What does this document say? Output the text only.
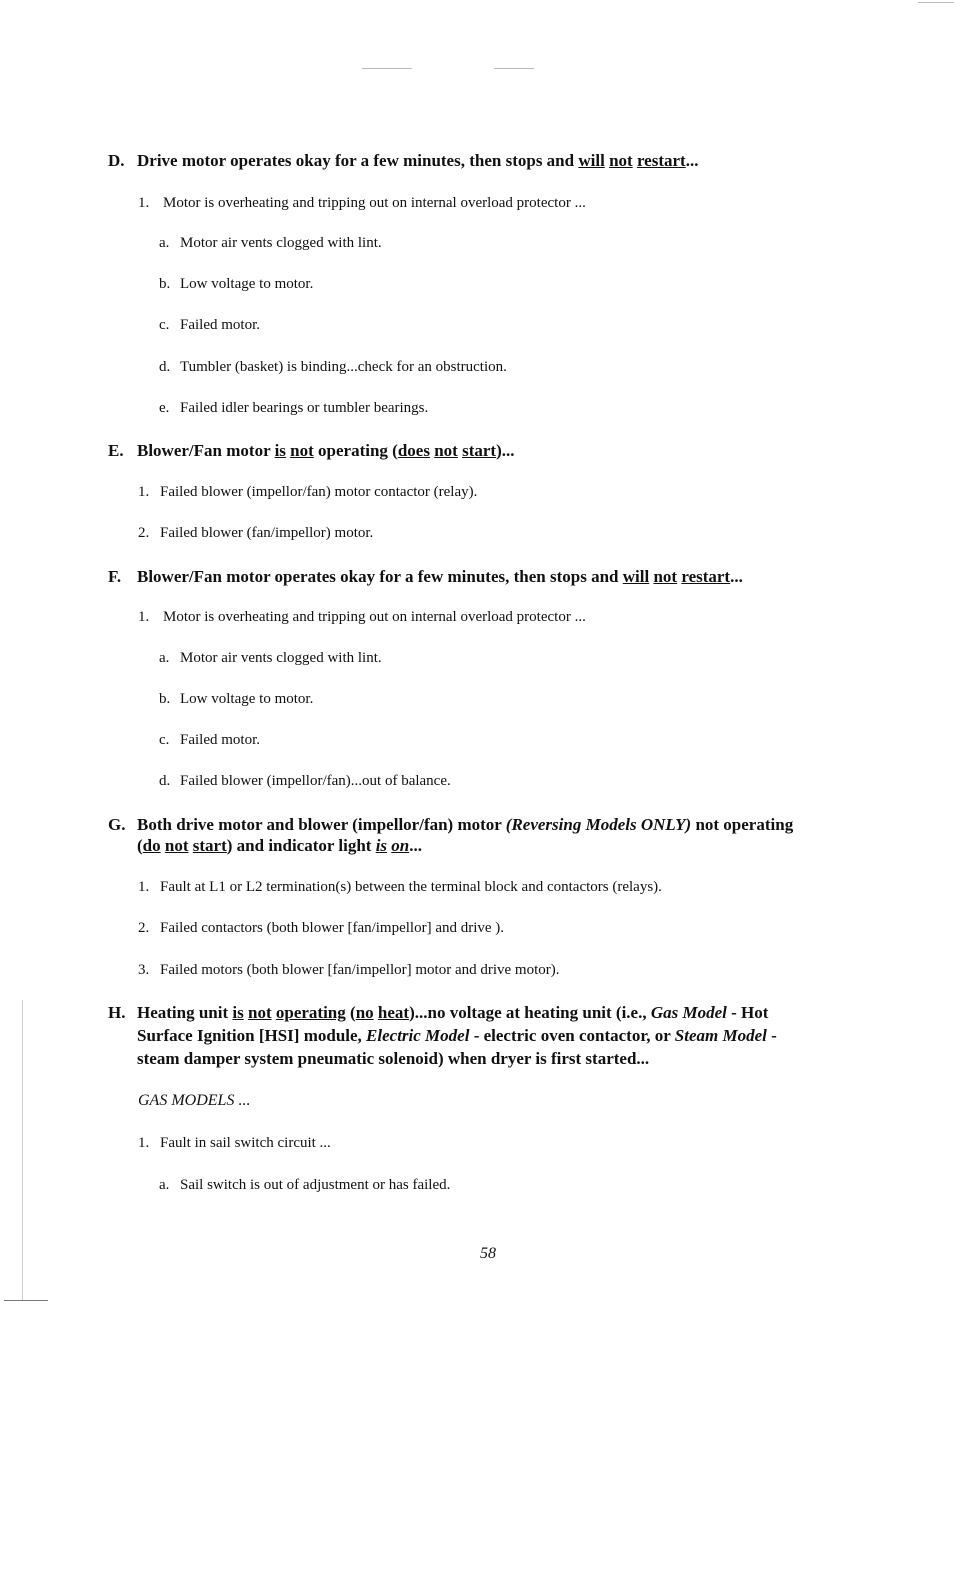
D. Drive motor operates okay for a few minutes, then stops and will not restart...
1. Motor is overheating and tripping out on internal overload protector ...
a. Motor air vents clogged with lint.
b. Low voltage to motor.
c. Failed motor.
d. Tumbler (basket) is binding...check for an obstruction.
e. Failed idler bearings or tumbler bearings.
E. Blower/Fan motor is not operating (does not start)...
1. Failed blower (impellor/fan) motor contactor (relay).
2. Failed blower (fan/impellor) motor.
F. Blower/Fan motor operates okay for a few minutes, then stops and will not restart...
1. Motor is overheating and tripping out on internal overload protector ...
a. Motor air vents clogged with lint.
b. Low voltage to motor.
c. Failed motor.
d. Failed blower (impellor/fan)...out of balance.
G. Both drive motor and blower (impellor/fan) motor (Reversing Models ONLY) not operating
(do not start) and indicator light is on...
1. Fault at L1 or L2 termination(s) between the terminal block and contactors (relays).
2. Failed contactors (both blower [fan/impellor] and drive ).
3. Failed motors (both blower [fan/impellor] motor and drive motor).
H. Heating unit is not operating (no heat)...no voltage at heating unit (i.e., Gas Model - Hot
Surface Ignition [HSI] module, Electric Model - electric oven contactor, or Steam Model -
steam damper system pneumatic solenoid) when dryer is first started...
GAS MODELS ...
1. Fault in sail switch circuit ...
a. Sail switch is out of adjustment or has failed.
58
